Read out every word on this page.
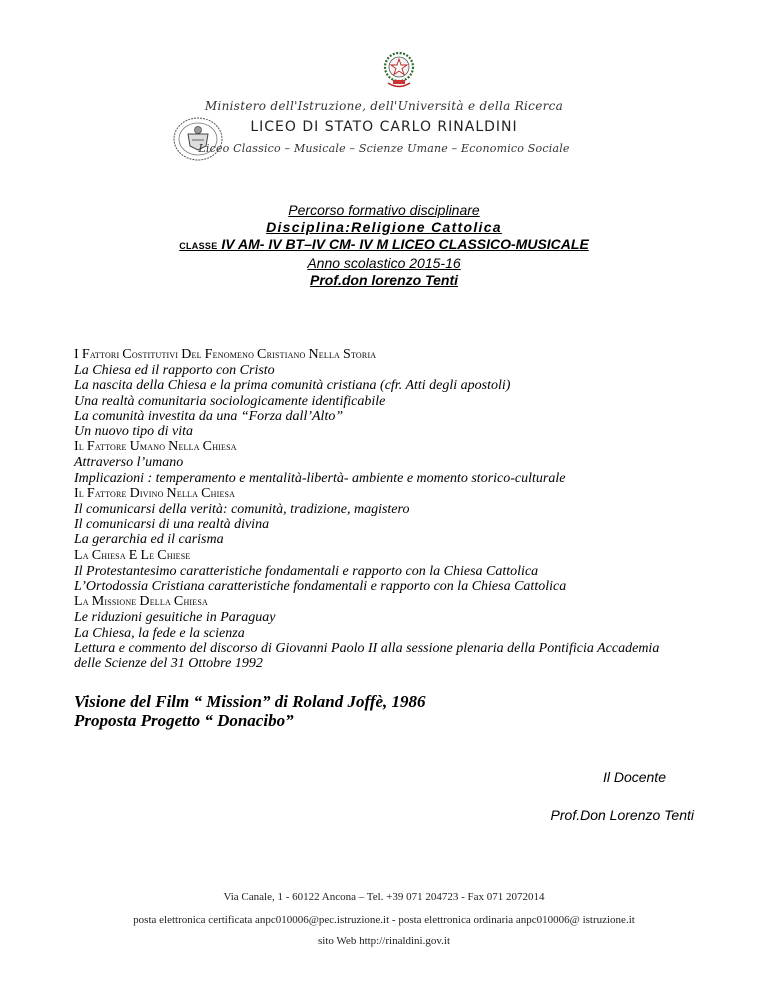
Ministero dell'Istruzione, dell'Università e della Ricerca
LICEO DI STATO CARLO RINALDINI
Liceo Classico – Musicale – Scienze Umane – Economico Sociale
Percorso formativo disciplinare
Disciplina:Religione Cattolica
CLASSE IV AM- IV BT–IV CM- IV M LICEO CLASSICO-MUSICALE
Anno scolastico 2015-16
Prof.don lorenzo Tenti
I Fattori Costitutivi Del Fenomeno Cristiano Nella Storia
La Chiesa ed il rapporto con Cristo
La nascita della Chiesa e la prima comunità cristiana (cfr. Atti degli apostoli)
Una realtà comunitaria sociologicamente identificabile
La comunità investita da una “Forza dall’Alto”
Un nuovo tipo di vita
Il Fattore Umano Nella Chiesa
Attraverso l’umano
Implicazioni : temperamento e mentalità-libertà- ambiente e momento storico-culturale
Il Fattore Divino Nella Chiesa
Il comunicarsi della verità: comunità, tradizione, magistero
Il comunicarsi di una realtà divina
La gerarchia ed il carisma
La Chiesa E Le Chiese
Il Protestantesimo caratteristiche fondamentali e rapporto con la Chiesa Cattolica
L’Ortodossia Cristiana caratteristiche fondamentali e rapporto con la Chiesa Cattolica
La Missione Della Chiesa
Le riduzioni gesuitiche in Paraguay
La Chiesa, la fede e la scienza
Lettura e commento del discorso di Giovanni Paolo II alla sessione plenaria della Pontificia Accademia
delle Scienze del 31 Ottobre 1992
Visione del Film “ Mission” di Roland Joffè, 1986
Proposta Progetto “ Donacibo”
Il Docente
Prof.Don Lorenzo Tenti
Via Canale, 1 - 60122 Ancona – Tel. +39 071 204723 - Fax 071 2072014
posta elettronica certificata anpc010006@pec.istruzione.it - posta elettronica ordinaria anpc010006@ istruzione.it
sito Web http://rinaldini.gov.it
